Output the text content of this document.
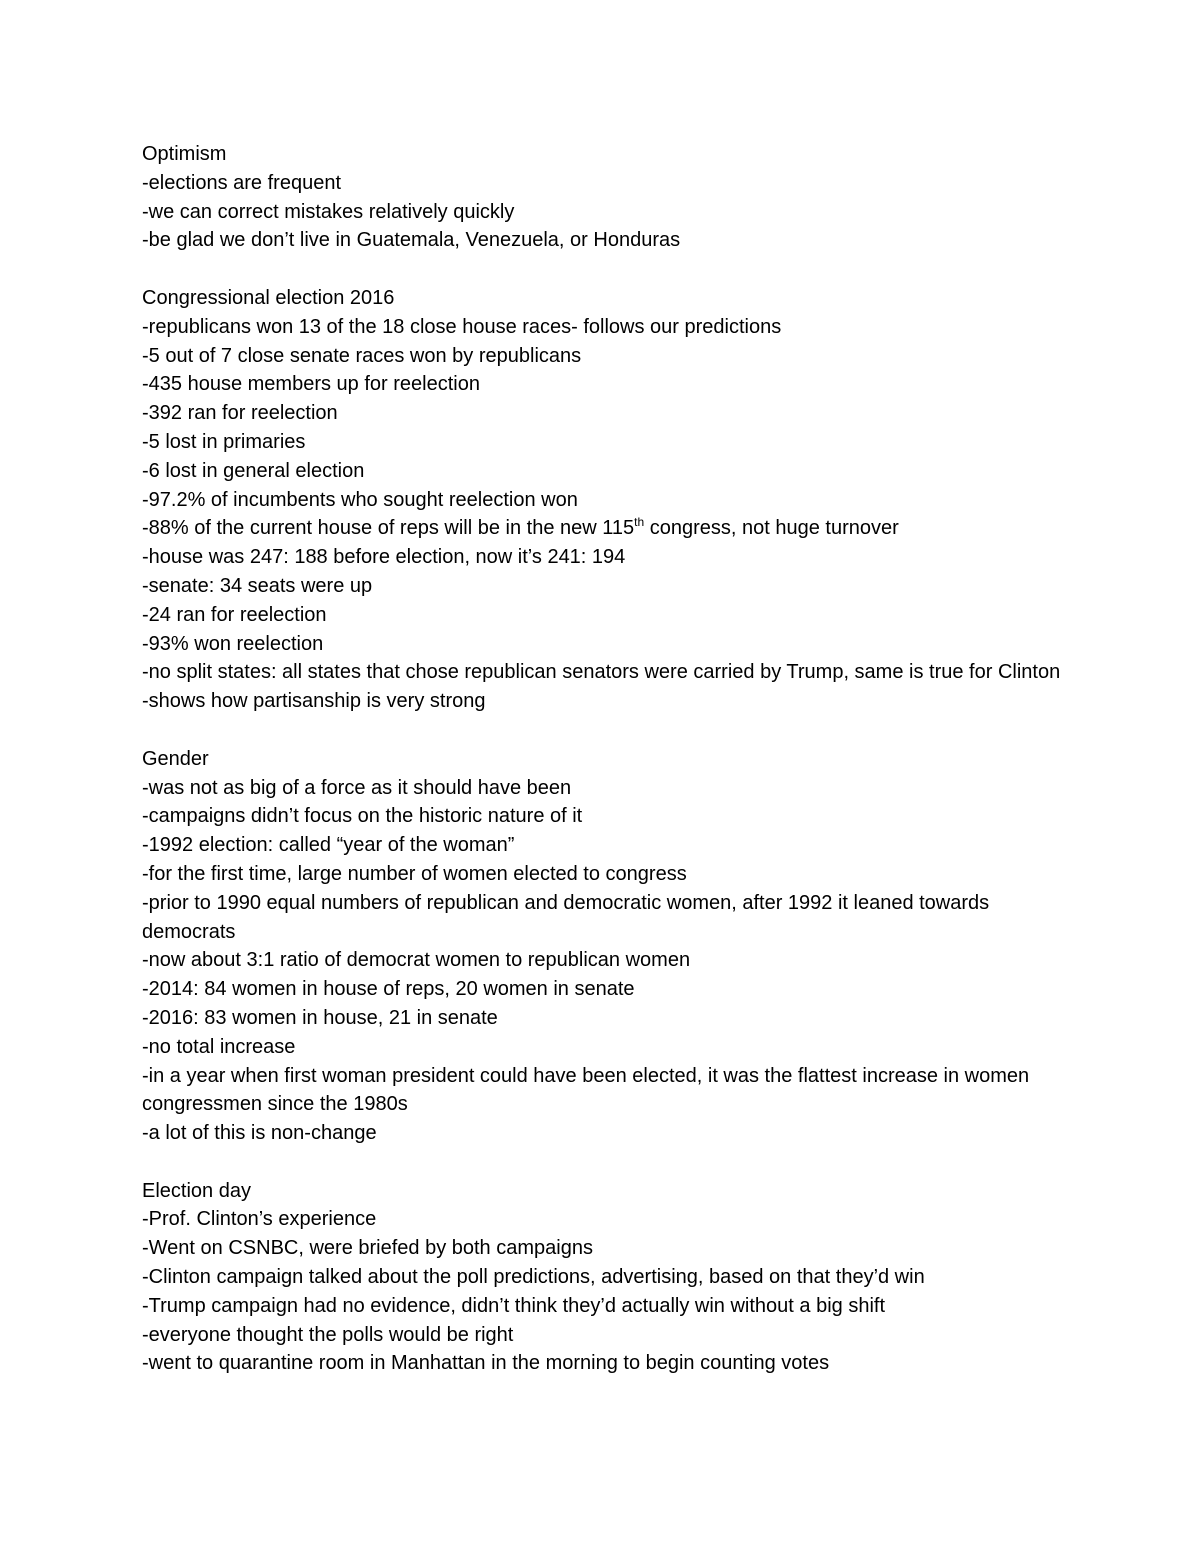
Optimism
-elections are frequent
-we can correct mistakes relatively quickly
-be glad we don’t live in Guatemala, Venezuela, or Honduras
Congressional election 2016
-republicans won 13 of the 18 close house races- follows our predictions
-5 out of 7 close senate races won by republicans
-435 house members up for reelection
-392 ran for reelection
-5 lost in primaries
-6 lost in general election
-97.2% of incumbents who sought reelection won
-88% of the current house of reps will be in the new 115th congress, not huge turnover
-house was 247: 188 before election, now it’s 241: 194
-senate: 34 seats were up
-24 ran for reelection
-93% won reelection
-no split states: all states that chose republican senators were carried by Trump, same is true for Clinton
-shows how partisanship is very strong
Gender
-was not as big of a force as it should have been
-campaigns didn’t focus on the historic nature of it
-1992 election: called “year of the woman”
-for the first time, large number of women elected to congress
-prior to 1990 equal numbers of republican and democratic women, after 1992 it leaned towards democrats
-now about 3:1 ratio of democrat women to republican women
-2014: 84 women in house of reps, 20 women in senate
-2016: 83 women in house, 21 in senate
-no total increase
-in a year when first woman president could have been elected, it was the flattest increase in women congressmen since the 1980s
-a lot of this is non-change
Election day
-Prof. Clinton’s experience
-Went on CSNBC, were briefed by both campaigns
-Clinton campaign talked about the poll predictions, advertising, based on that they’d win
-Trump campaign had no evidence, didn’t think they’d actually win without a big shift
-everyone thought the polls would be right
-went to quarantine room in Manhattan in the morning to begin counting votes
